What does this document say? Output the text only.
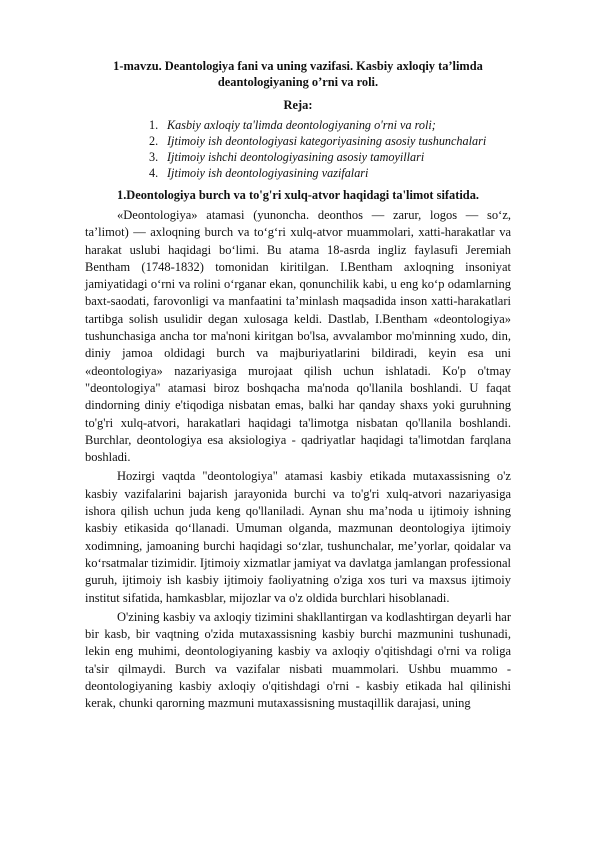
1-mavzu. Deantologiya fani va uning vazifasi. Kasbiy axloqiy ta’limda deantologiyaning o’rni va roli.

Reja:

1. Kasbiy axloqiy ta'limda deontologiyaning o'rni va roli;
2. Ijtimoiy ish deontologiyasi kategoriyasining asosiy tushunchalari
3. Ijtimoiy ishchi deontologiyasining asosiy tamoyillari
4. Ijtimoiy ish deontologiyasining vazifalari

1.Deontologiya burch va to'g'ri xulq-atvor haqidagi ta'limot sifatida.

«Deontologiya» atamasi (yunoncha. deonthos — zarur, logos — so‘z, ta’limot) — axloqning burch va to‘g‘ri xulq-atvor muammolari, xatti-harakatlar va harakat uslubi haqidagi bo‘limi. Bu atama 18-asrda ingliz faylasufi Jeremiah Bentham (1748-1832) tomonidan kiritilgan. I.Bentham axloqning insoniyat jamiyatidagi o‘rni va rolini o‘rganar ekan, qonunchilik kabi, u eng ko‘p odamlarning baxt-saodati, farovonligi va manfaatini ta’minlash maqsadida inson xatti-harakatlari tartibga solish usulidir degan xulosaga keldi. Dastlab, I.Bentham «deontologiya» tushunchasiga ancha tor ma'noni kiritgan bo'lsa, avvalambor mo'minning xudo, din, diniy jamoa oldidagi burch va majburiyatlarini bildiradi, keyin esa uni «deontologiya» nazariyasiga murojaat qilish uchun ishlatadi. Ko'p o'tmay "deontologiya" atamasi biroz boshqacha ma'noda qo'llanila boshlandi. U faqat dindorning diniy e'tiqodiga nisbatan emas, balki har qanday shaxs yoki guruhning to'g'ri xulq-atvori, harakatlari haqidagi ta'limotga nisbatan qo'llanila boshlandi. Burchlar, deontologiya esa aksiologiya - qadriyatlar haqidagi ta'limotdan farqlana boshladi.

Hozirgi vaqtda "deontologiya" atamasi kasbiy etikada mutaxassisning o'z kasbiy vazifalarini bajarish jarayonida burchi va to'g'ri xulq-atvori nazariyasiga ishora qilish uchun juda keng qo'llaniladi. Aynan shu ma’noda u ijtimoiy ishning kasbiy etikasida qo‘llanadi. Umuman olganda, mazmunan deontologiya ijtimoiy xodimning, jamoaning burchi haqidagi so‘zlar, tushunchalar, me’yorlar, qoidalar va ko‘rsatmalar tizimidir. Ijtimoiy xizmatlar jamiyat va davlatga jamlangan professional guruh, ijtimoiy ish kasbiy ijtimoiy faoliyatning o'ziga xos turi va maxsus ijtimoiy institut sifatida, hamkasblar, mijozlar va o'z oldida burchlari hisoblanadi.

O'zining kasbiy va axloqiy tizimini shakllantirgan va kodlashtirgan deyarli har bir kasb, bir vaqtning o'zida mutaxassisning kasbiy burchi mazmunini tushunadi, lekin eng muhimi, deontologiyaning kasbiy va axloqiy o'qitishdagi o'rni va roliga ta'sir qilmaydi. Burch va vazifalar nisbati muammolari. Ushbu muammo - deontologiyaning kasbiy axloqiy o'qitishdagi o'rni - kasbiy etikada hal qilinishi kerak, chunki qarorning mazmuni mutaxassisning mustaqillik darajasi, uning
